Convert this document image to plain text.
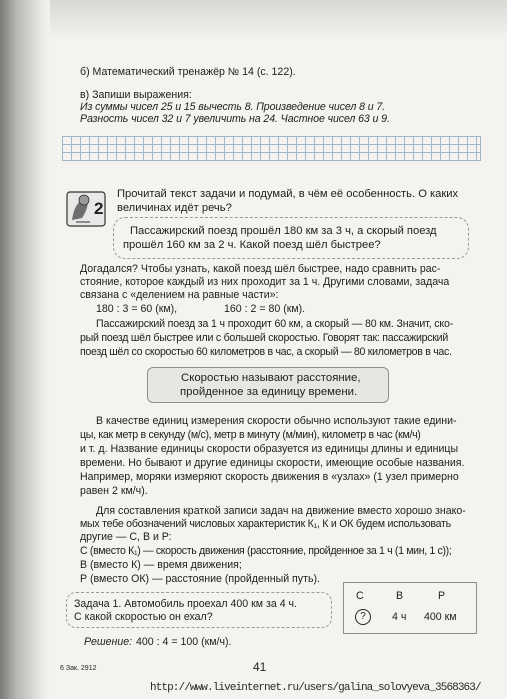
б) Математический тренажёр № 14 (с. 122).
в) Запиши выражения:
Из суммы чисел 25 и 15 вычесть 8. Произведение чисел 8 и 7.
Разность чисел 32 и 7 увеличить на 24. Частное чисел 63 и 9.
2
Прочитай текст задачи и подумай, в чём её особенность. О каких
величинах идёт речь?
Пассажирский поезд прошёл 180 км за 3 ч, а скорый поезд
прошёл 160 км за 2 ч. Какой поезд шёл быстрее?
Догадался? Чтобы узнать, какой поезд шёл быстрее, надо сравнить рас-
стояние, которое каждый из них проходит за 1 ч. Другими словами, задача
связана с «делением на равные части»:
180 : 3 = 60 (км),	160 : 2 = 80 (км).
Пассажирский поезд за 1 ч проходит 60 км, а скорый — 80 км. Значит, ско-
рый поезд шёл быстрее или с большей скоростью. Говорят так: пассажирский
поезд шёл со скоростью 60 километров в час, а скорый — 80 километров в час.
Скоростью называют расстояние,
пройденное за единицу времени.
В качестве единиц измерения скорости обычно используют такие едини-
цы, как метр в секунду (м/с), метр в минуту (м/мин), километр в час (км/ч)
и т. д. Название единицы скорости образуется из единицы длины и единицы
времени. Но бывают и другие единицы скорости, имеющие особые названия.
Например, моряки измеряют скорость движения в «узлах» (1 узел примерно
равен 2 км/ч).
Для составления краткой записи задач на движение вместо хорошо знако-
мых тебе обозначений числовых характеристик К₁, К и ОК будем использовать
другие — С, В и Р:
С (вместо К₁) — скорость движения (расстояние, пройденное за 1 ч (1 мин, 1 с));
В (вместо К) — время движения;
Р (вместо ОК) — расстояние (пройденный путь).
Задача 1. Автомобиль проехал 400 км за 4 ч.
С какой скоростью он ехал?
С	В	Р
?	4 ч 400 км
Решение: 400 : 4 = 100 (км/ч).
6 Зак. 2912	41
http://www.liveinternet.ru/users/galina_solovyeva_3568363/
